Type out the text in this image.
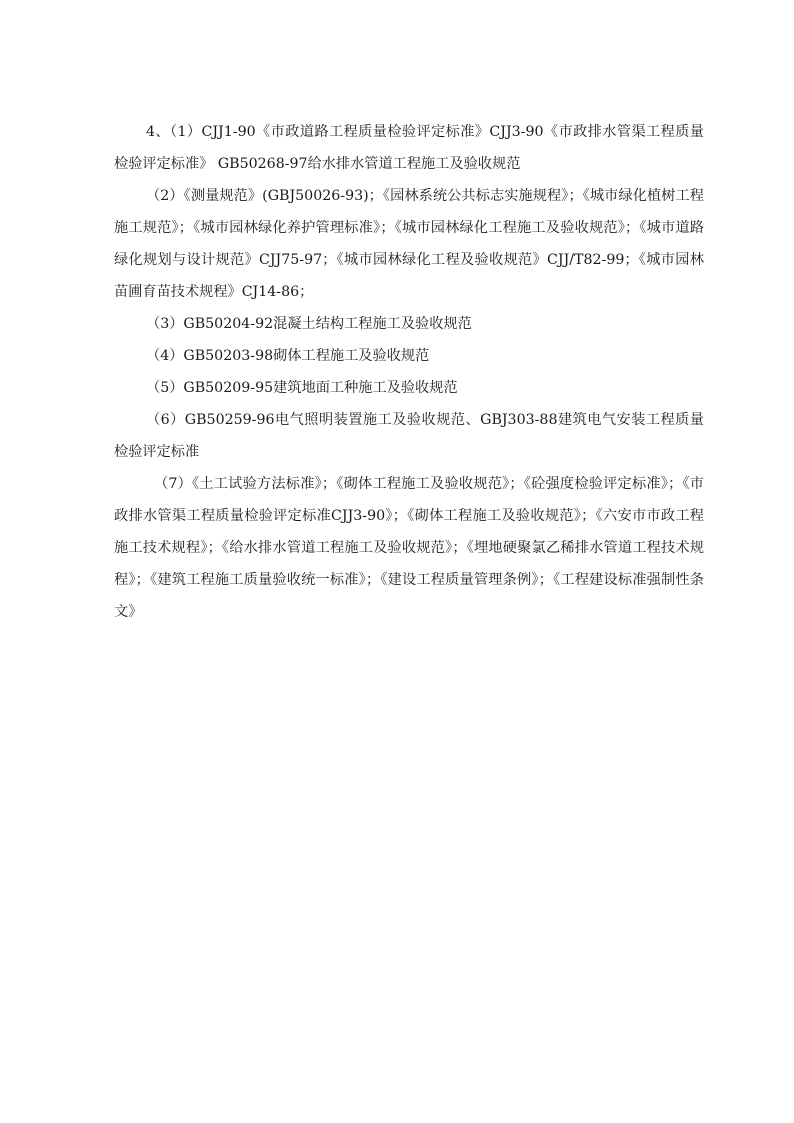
4、（1）CJJ1-90《市政道路工程质量检验评定标准》CJJ3-90《市政排水管渠工程质量检验评定标准》 GB50268-97给水排水管道工程施工及验收规范

（2）《测量规范》(GBJ50026-93)；《园林系统公共标志实施规程》；《城市绿化植树工程施工规范》；《城市园林绿化养护管理标准》；《城市园林绿化工程施工及验收规范》；《城市道路绿化规划与设计规范》CJJ75-97；《城市园林绿化工程及验收规范》CJJ/T82-99；《城市园林苗圃育苗技术规程》CJ14-86；

（3）GB50204-92混凝土结构工程施工及验收规范

（4）GB50203-98砌体工程施工及验收规范

（5）GB50209-95建筑地面工种施工及验收规范

（6）GB50259-96电气照明装置施工及验收规范、GBJ303-88建筑电气安装工程质量检验评定标准

（7）《土工试验方法标准》；《砌体工程施工及验收规范》；《砼强度检验评定标准》；《市政排水管渠工程质量检验评定标准CJJ3-90》；《砌体工程施工及验收规范》；《六安市市政工程施工技术规程》；《给水排水管道工程施工及验收规范》；《埋地硬聚氯乙稀排水管道工程技术规程》；《建筑工程施工质量验收统一标准》；《建设工程质量管理条例》；《工程建设标准强制性条文》
